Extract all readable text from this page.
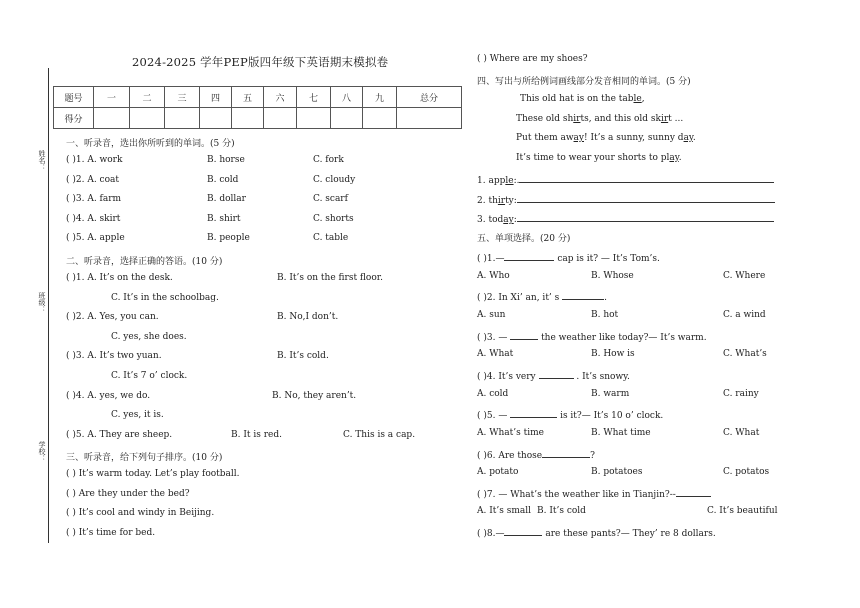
2024-2025 学年PEP版四年级下英语期末模拟卷
姓名：
班级：
学校：
题号	一	二	三	四	五	六	七	八	九	总分
得分										
一、听录音，选出你所听到的单词。(5 分)
( )1. A. work	B. horse	C. fork
( )2. A. coat	B. cold	C. cloudy
( )3. A. farm	B. dollar	C. scarf
( )4. A. skirt	B. shirt	C. shorts
( )5. A. apple	B. people	C. table
二、听录音，选择正确的答语。(10 分)
( )1. A. It’s on the desk.	B. It’s on the first floor.
C. It’s in the schoolbag.
( )2. A. Yes, you can.	B. No,I don’t.
C. yes, she does.
( )3. A. It’s two yuan.	B. It’s cold.
C. It’s 7 o’ clock.
( )4. A. yes, we do.	B. No, they aren’t.
C. yes, it is.
( )5. A. They are sheep.	B. It is red.	C. This is a cap.
三、听录音，给下列句子排序。(10 分)
( ) It’s warm today. Let’s play football.
( ) Are they under the bed?
( ) It’s cool and windy in Beijing.
( ) It’s time for bed.
( ) Where are my shoes?
四、写出与所给例词画线部分发音相同的单词。(5 分)
This old hat is on the table,
These old shirts, and this old skirt ...
Put them away! It’s a sunny, sunny day.
It’s time to wear your shorts to play.
1. apple:.
2. thirty:
3. today:
五、单项选择。(20 分)
( )1.—	cap is it? — It’s Tom’s.
A. Who	B. Whose	C. Where
( )2. In Xi’ an, it’ s	.
A. sun	B. hot	C. a wind
( )3. —	the weather like today?— It’s warm.
A. What	B. How is	C. What’s
( )4. It’s very	. It’s snowy.
A. cold	B. warm	C. rainy
( )5. —	is it?— It’s 10 o’ clock.
A. What’s time	B. What time	C. What
( )6. Are those	?
A. potato	B. potatoes	C. potatos
( )7. — What’s the weather like in Tianjin?--
A. It’s small B. It’s cold	C. It’s beautiful
( )8.—	are these pants?— They’ re 8 dollars.
